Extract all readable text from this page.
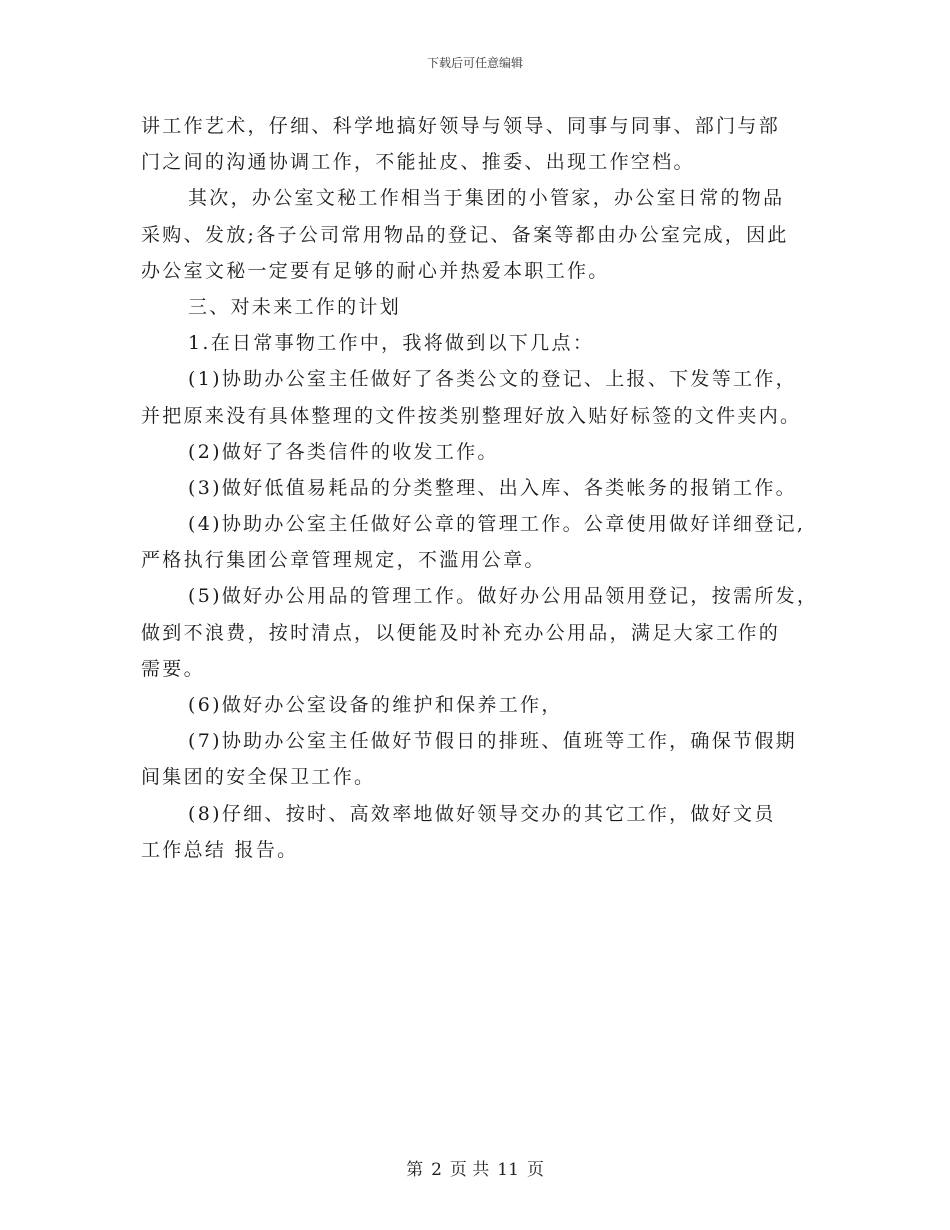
下载后可任意编辑
讲工作艺术，仔细、科学地搞好领导与领导、同事与同事、部门与部
门之间的沟通协调工作，不能扯皮、推委、出现工作空档。
其次，办公室文秘工作相当于集团的小管家，办公室日常的物品
采购、发放;各子公司常用物品的登记、备案等都由办公室完成，因此
办公室文秘一定要有足够的耐心并热爱本职工作。
三、对未来工作的计划
1.在日常事物工作中，我将做到以下几点：
(1)协助办公室主任做好了各类公文的登记、上报、下发等工作，
并把原来没有具体整理的文件按类别整理好放入贴好标签的文件夹内。
(2)做好了各类信件的收发工作。
(3)做好低值易耗品的分类整理、出入库、各类帐务的报销工作。
(4)协助办公室主任做好公章的管理工作。公章使用做好详细登记,
严格执行集团公章管理规定，不滥用公章。
(5)做好办公用品的管理工作。做好办公用品领用登记，按需所发，
做到不浪费，按时清点，以便能及时补充办公用品，满足大家工作的
需要。
(6)做好办公室设备的维护和保养工作，
(7)协助办公室主任做好节假日的排班、值班等工作，确保节假期
间集团的安全保卫工作。
(8)仔细、按时、高效率地做好领导交办的其它工作，做好文员
工作总结 报告。
第 2 页 共 11 页
